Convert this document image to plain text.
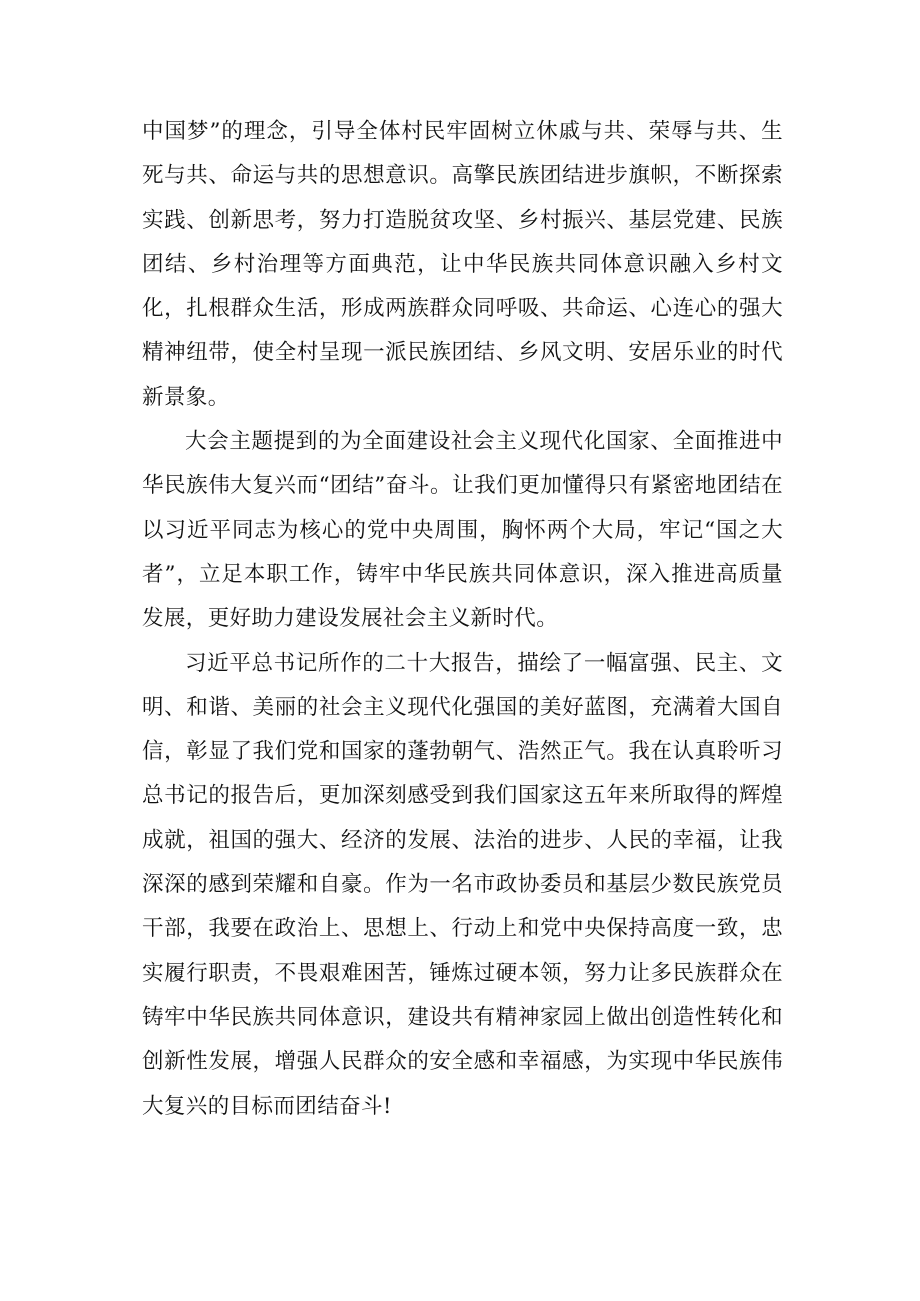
中国梦”的理念，引导全体村民牢固树立休戚与共、荣辱与共、生死与共、命运与共的思想意识。高擎民族团结进步旗帜，不断探索实践、创新思考，努力打造脱贫攻坚、乡村振兴、基层党建、民族团结、乡村治理等方面典范，让中华民族共同体意识融入乡村文化，扎根群众生活，形成两族群众同呼吸、共命运、心连心的强大精神纽带，使全村呈现一派民族团结、乡风文明、安居乐业的时代新景象。

大会主题提到的为全面建设社会主义现代化国家、全面推进中华民族伟大复兴而“团结”奋斗。让我们更加懂得只有紧密地团结在以习近平同志为核心的党中央周围，胸怀两个大局，牢记“国之大者”，立足本职工作，铸牢中华民族共同体意识，深入推进高质量发展，更好助力建设发展社会主义新时代。

习近平总书记所作的二十大报告，描绘了一幅富强、民主、文明、和谐、美丽的社会主义现代化强国的美好蓝图，充满着大国自信，彰显了我们党和国家的蓬勃朝气、浩然正气。我在认真聆听习总书记的报告后，更加深刻感受到我们国家这五年来所取得的辉煌成就，祖国的强大、经济的发展、法治的进步、人民的幸福，让我深深的感到荣耀和自豪。作为一名市政协委员和基层少数民族党员干部，我要在政治上、思想上、行动上和党中央保持高度一致，忠实履行职责，不畏艰难困苦，锤炼过硬本领，努力让多民族群众在铸牢中华民族共同体意识，建设共有精神家园上做出创造性转化和创新性发展，增强人民群众的安全感和幸福感，为实现中华民族伟大复兴的目标而团结奋斗!
